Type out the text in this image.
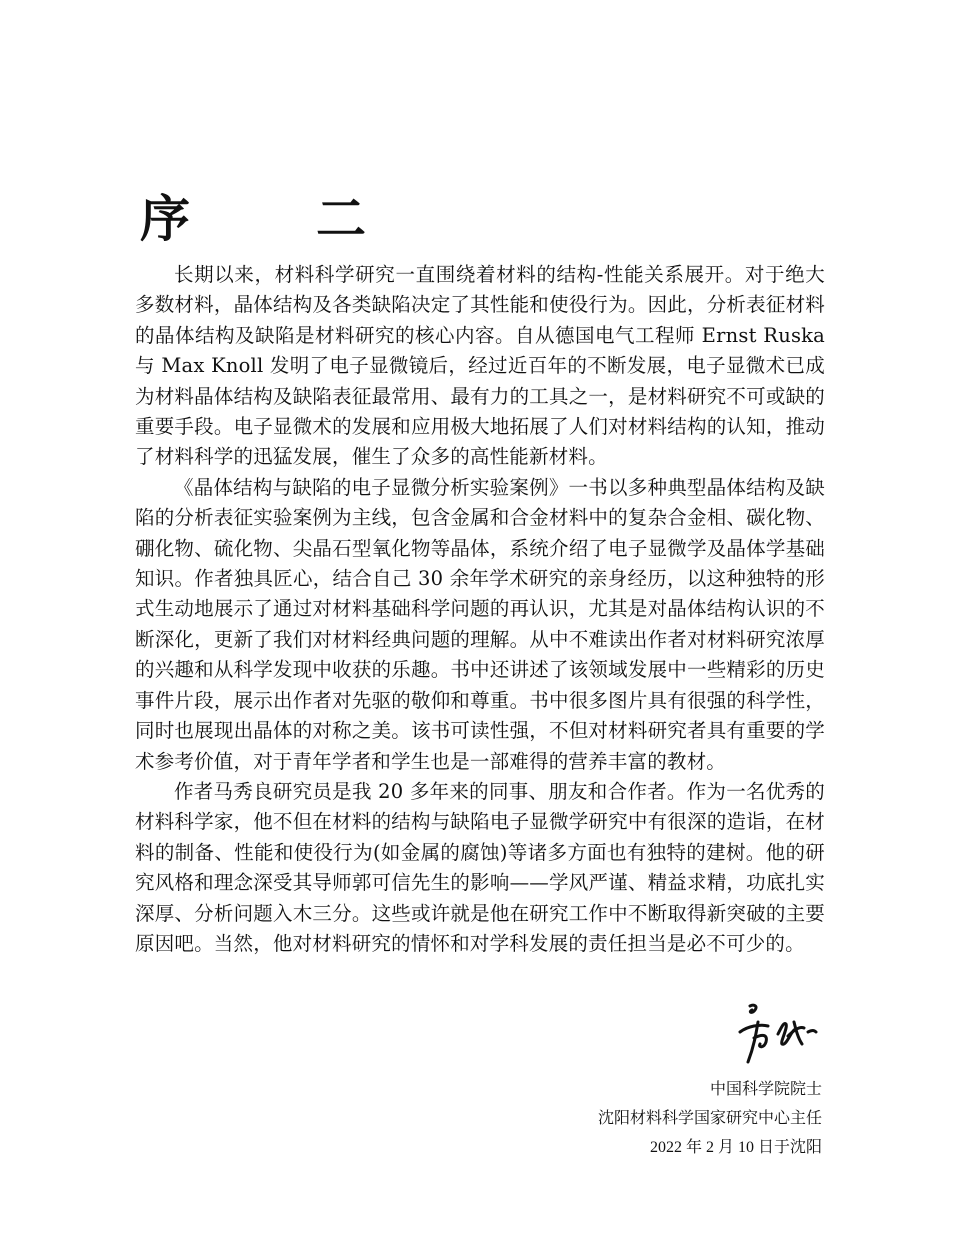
序	二

长期以来，材料科学研究一直围绕着材料的结构-性能关系展开。对于绝大多数材料，晶体结构及各类缺陷决定了其性能和使役行为。因此，分析表征材料的晶体结构及缺陷是材料研究的核心内容。自从德国电气工程师 Ernst Ruska 与 Max Knoll 发明了电子显微镜后，经过近百年的不断发展，电子显微术已成为材料晶体结构及缺陷表征最常用、最有力的工具之一，是材料研究不可或缺的重要手段。电子显微术的发展和应用极大地拓展了人们对材料结构的认知，推动了材料科学的迅猛发展，催生了众多的高性能新材料。

《晶体结构与缺陷的电子显微分析实验案例》一书以多种典型晶体结构及缺陷的分析表征实验案例为主线，包含金属和合金材料中的复杂合金相、碳化物、硼化物、硫化物、尖晶石型氧化物等晶体，系统介绍了电子显微学及晶体学基础知识。作者独具匠心，结合自己 30 余年学术研究的亲身经历，以这种独特的形式生动地展示了通过对材料基础科学问题的再认识，尤其是对晶体结构认识的不断深化，更新了我们对材料经典问题的理解。从中不难读出作者对材料研究浓厚的兴趣和从科学发现中收获的乐趣。书中还讲述了该领域发展中一些精彩的历史事件片段，展示出作者对先驱的敬仰和尊重。书中很多图片具有很强的科学性，同时也展现出晶体的对称之美。该书可读性强，不但对材料研究者具有重要的学术参考价值，对于青年学者和学生也是一部难得的营养丰富的教材。

作者马秀良研究员是我 20 多年来的同事、朋友和合作者。作为一名优秀的材料科学家，他不但在材料的结构与缺陷电子显微学研究中有很深的造诣，在材料的制备、性能和使役行为(如金属的腐蚀)等诸多方面也有独特的建树。他的研究风格和理念深受其导师郭可信先生的影响——学风严谨、精益求精，功底扎实深厚、分析问题入木三分。这些或许就是他在研究工作中不断取得新突破的主要原因吧。当然，他对材料研究的情怀和对学科发展的责任担当是必不可少的。

中国科学院院士
沈阳材料科学国家研究中心主任
2022 年 2 月 10 日于沈阳
